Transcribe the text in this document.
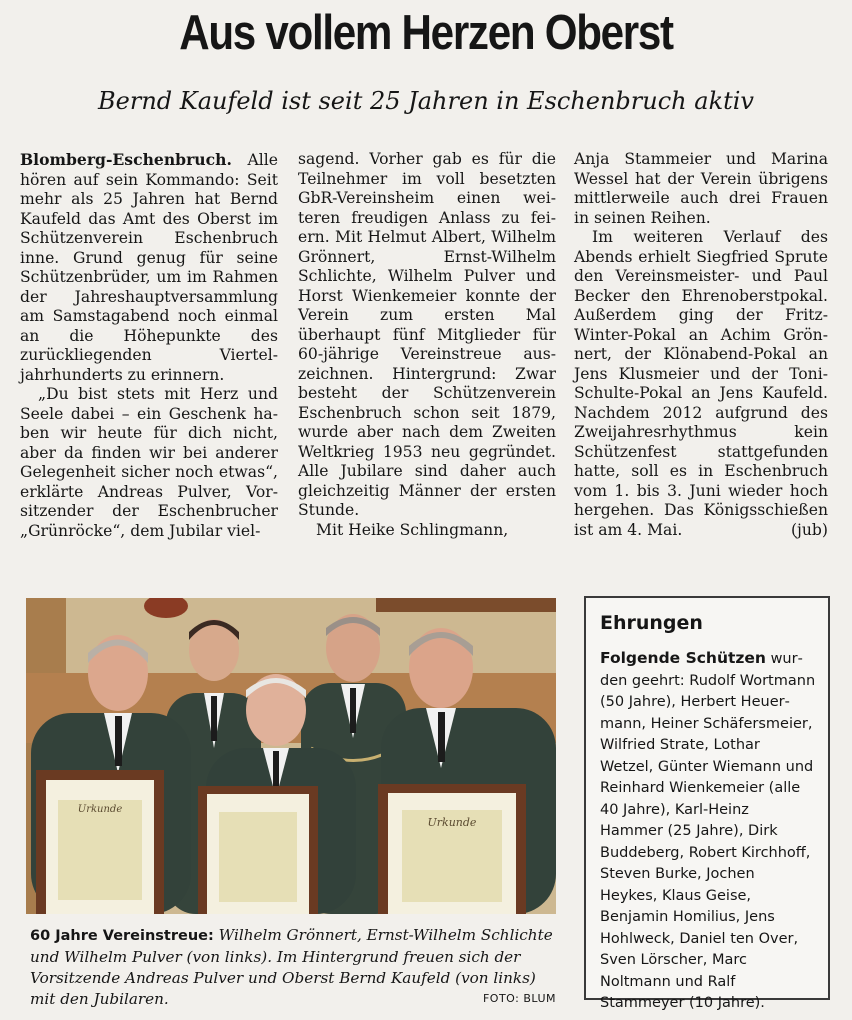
Aus vollem Herzen Oberst
Bernd Kaufeld ist seit 25 Jahren in Eschenbruch aktiv

Blomberg-Eschenbruch. Alle hören auf sein Kommando: Seit mehr als 25 Jahren hat Bernd Kaufeld das Amt des Oberst im Schützenverein Eschenbruch inne. Grund genug für seine Schützenbrüder, um im Rahmen der Jahreshauptversammlung am Samstagabend noch einmal an die Höhepunkte des zurückliegenden Vierteljahrhunderts zu erinnern.

„Du bist stets mit Herz und Seele dabei – ein Geschenk haben wir heute für dich nicht, aber da finden wir bei anderer Gelegenheit sicher noch etwas“, erklärte Andreas Pulver, Vorsitzender der Eschenbrucher „Grünröcke“, dem Jubilar viel-

sagend. Vorher gab es für die Teilnehmer im voll besetzten GbR-Vereinsheim einen weiteren freudigen Anlass zu feiern. Mit Helmut Albert, Wilhelm Grönnert, Ernst-Wilhelm Schlichte, Wilhelm Pulver und Horst Wienkemeier konnte der Verein zum ersten Mal überhaupt fünf Mitglieder für 60-jährige Vereinstreue auszeichnen. Hintergrund: Zwar besteht der Schützenverein Eschenbruch schon seit 1879, wurde aber nach dem Zweiten Weltkrieg 1953 neu gegründet. Alle Jubilare sind daher auch gleichzeitig Männer der ersten Stunde.

Mit Heike Schlingmann,

Anja Stammeier und Marina Wessel hat der Verein übrigens mittlerweile auch drei Frauen in seinen Reihen.

Im weiteren Verlauf des Abends erhielt Siegfried Sprute den Vereinsmeister- und Paul Becker den Ehrenoberstpokal. Außerdem ging der Fritz-Winter-Pokal an Achim Grönnert, der Klönabend-Pokal an Jens Klusmeier und der Toni-Schulte-Pokal an Jens Kaufeld. Nachdem 2012 aufgrund des Zweijahresrhythmus kein Schützenfest stattgefunden hatte, soll es in Eschenbruch vom 1. bis 3. Juni wieder hoch hergehen. Das Königsschießen ist am 4. Mai.	(jub)

Urkunde
Urkunde
60 Jahre Vereinstreue: Wilhelm Grönnert, Ernst-Wilhelm Schlichte und Wilhelm Pulver (von links). Im Hintergrund freuen sich der Vorsitzende Andreas Pulver und Oberst Bernd Kaufeld (von links) mit den Jubilaren.	FOTO: BLUM
Ehrungen

Folgende Schützen wurden geehrt: Rudolf Wortmann (50 Jahre), Herbert Heuermann, Heiner Schäfersmeier, Wilfried Strate, Lothar Wetzel, Günter Wiemann und Reinhard Wienkemeier (alle 40 Jahre), Karl-Heinz Hammer (25 Jahre), Dirk Buddeberg, Robert Kirchhoff, Steven Burke, Jochen Heykes, Klaus Geise, Benjamin Homilius, Jens Hohlweck, Daniel ten Over, Sven Lörscher, Marc Noltmann und Ralf Stammeyer (10 Jahre).
